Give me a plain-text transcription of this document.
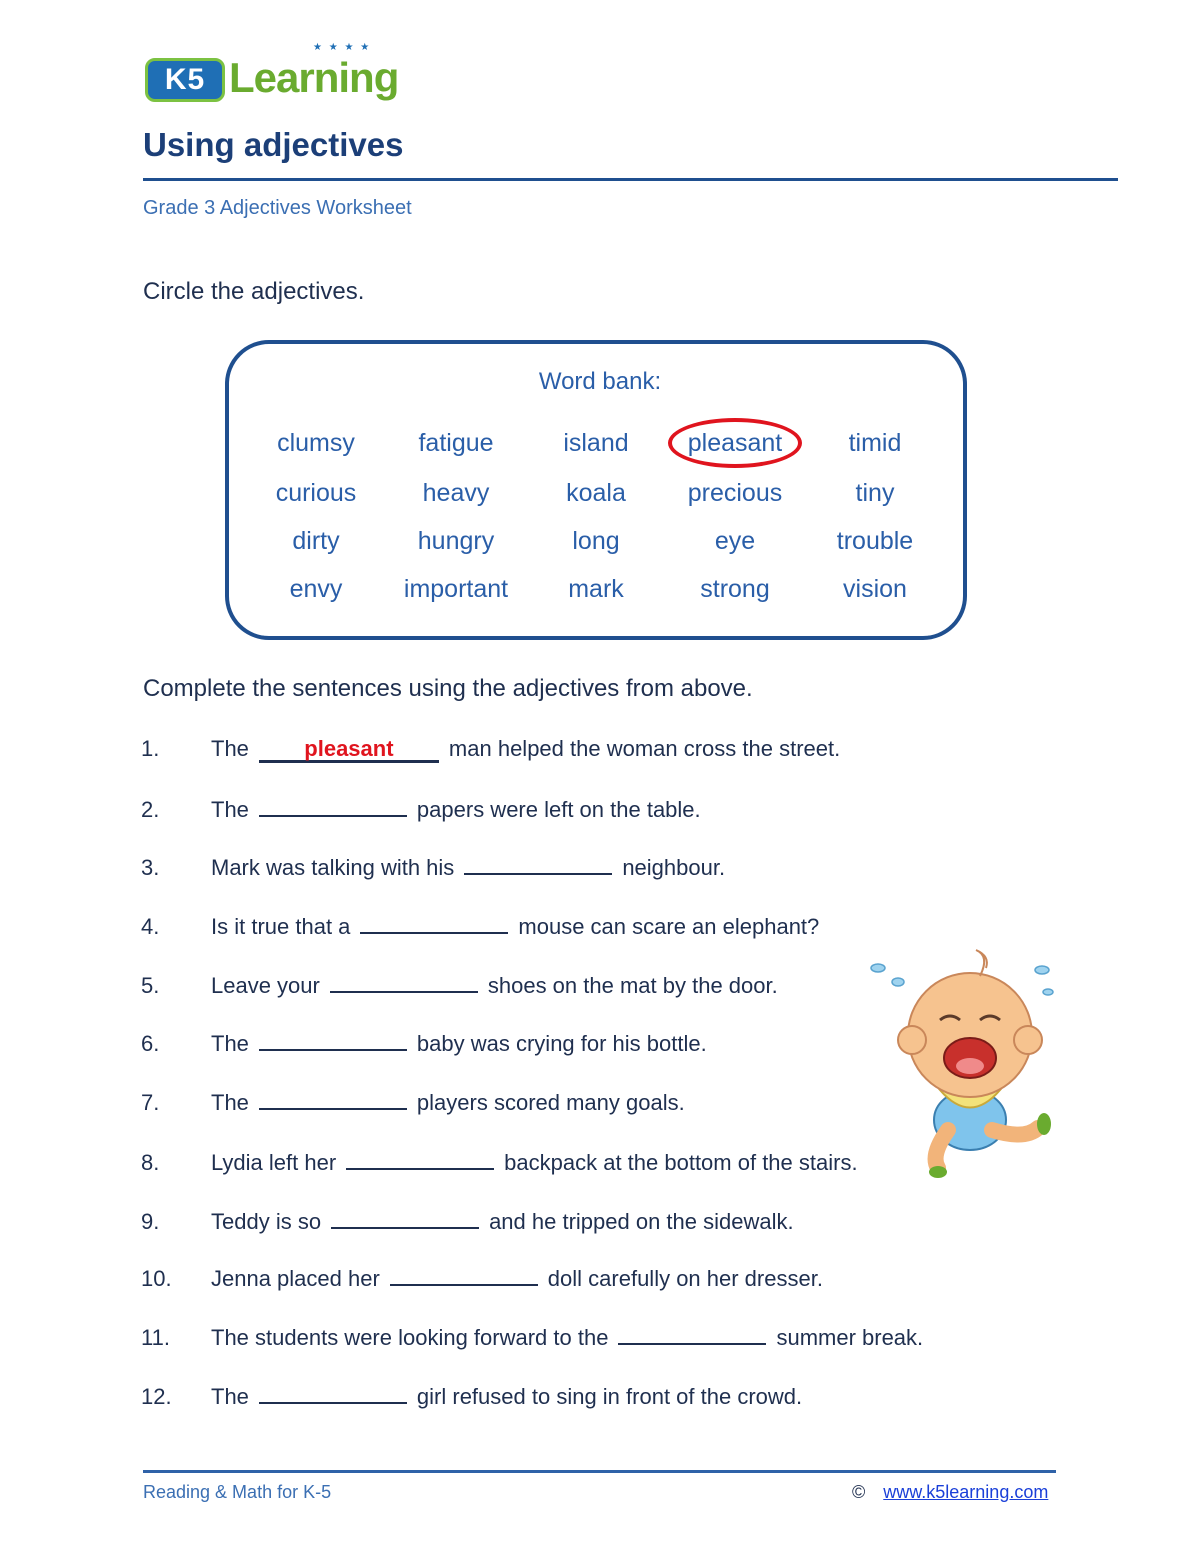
K5
★ ★ ★ ★
Learning
Using adjectives
Grade 3 Adjectives Worksheet
Circle the adjectives.
Word bank:
clumsy	fatigue	island	pleasant	timid
curious	heavy	koala	precious	tiny
dirty	hungry	long	eye	trouble
envy	important	mark	strong	vision
Complete the sentences using the adjectives from above.
1. The	pleasant	man helped the woman cross the street.
2. The	papers were left on the table.
3. Mark was talking with his	neighbour.
4. Is it true that a	mouse can scare an elephant?
5. Leave your	shoes on the mat by the door.
6. The	baby was crying for his bottle.
7. The	players scored many goals.
8. Lydia left her	backpack at the bottom of the stairs.
9. Teddy is so	and he tripped on the sidewalk.
10. Jenna placed her	doll carefully on her dresser.
11. The students were looking forward to the	summer break.
12. The	girl refused to sing in front of the crowd.
Reading & Math for K-5	© www.k5learning.com
